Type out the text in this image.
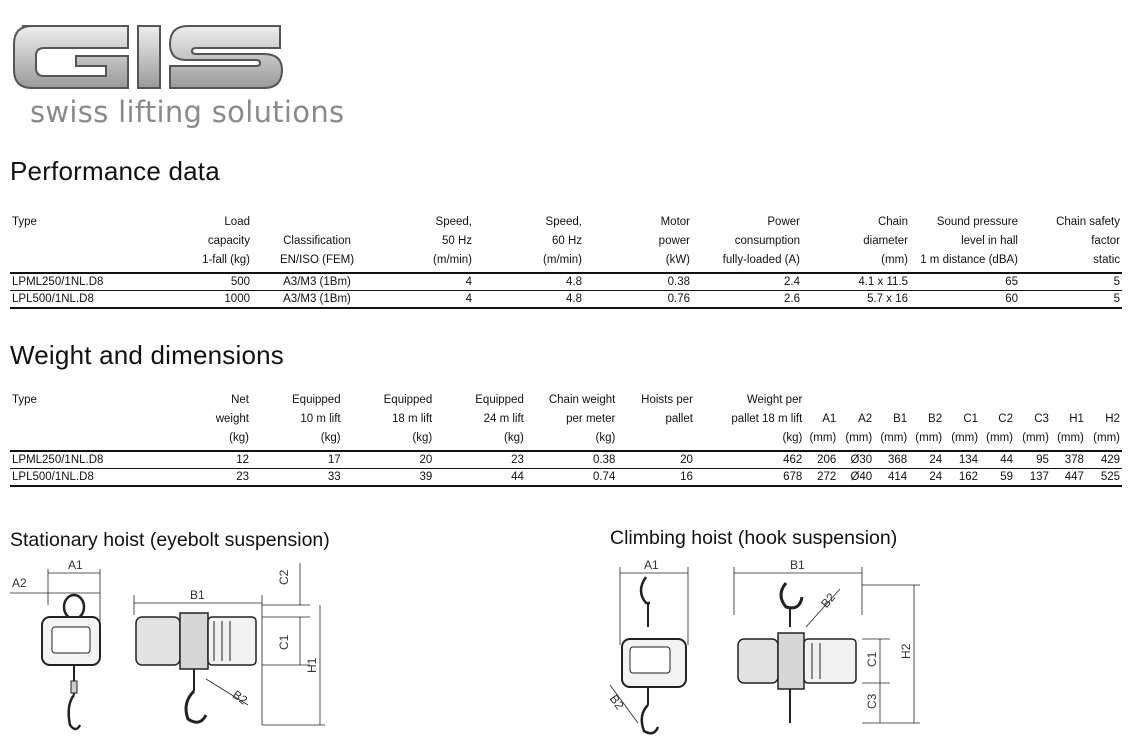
swiss lifting solutions
Performance data
Type	Load		Speed,	Speed,	Motor	Power	Chain	Sound pressure	Chain safety
	capacity	Classification	50 Hz	60 Hz	power	consumption	diameter	level in hall	factor
	1-fall (kg)	EN/ISO (FEM)	(m/min)	(m/min)	(kW)	fully-loaded (A)	(mm)	1 m distance (dBA)	static
LPML250/1NL.D8	500	A3/M3 (1Bm)	4	4.8	0.38	2.4	4.1 x 11.5	65	5
LPL500/1NL.D8	1000	A3/M3 (1Bm)	4	4.8	0.76	2.6	5.7 x 16	60	5
Weight and dimensions
Type	Net	Equipped	Equipped	Equipped	Chain weight	Hoists per	Weight per									
	weight	10 m lift	18 m lift	24 m lift	per meter	pallet	pallet 18 m lift	A1	A2	B1	B2	C1	C2	C3	H1	H2
	(kg)	(kg)	(kg)	(kg)	(kg)		(kg)	(mm)	(mm)	(mm)	(mm)	(mm)	(mm)	(mm)	(mm)	(mm)
LPML250/1NL.D8	12	17	20	23	0.38	20	462	206	Ø30	368	24	134	44	95	378	429
LPL500/1NL.D8	23	33	39	44	0.74	16	678	272	Ø40	414	24	162	59	137	447	525
Stationary hoist (eyebolt suspension)
A2
A1
B1
B2
C2
C1
H1
Climbing hoist (hook suspension)
A1	B1
B2
B2
C1
C3
H2
